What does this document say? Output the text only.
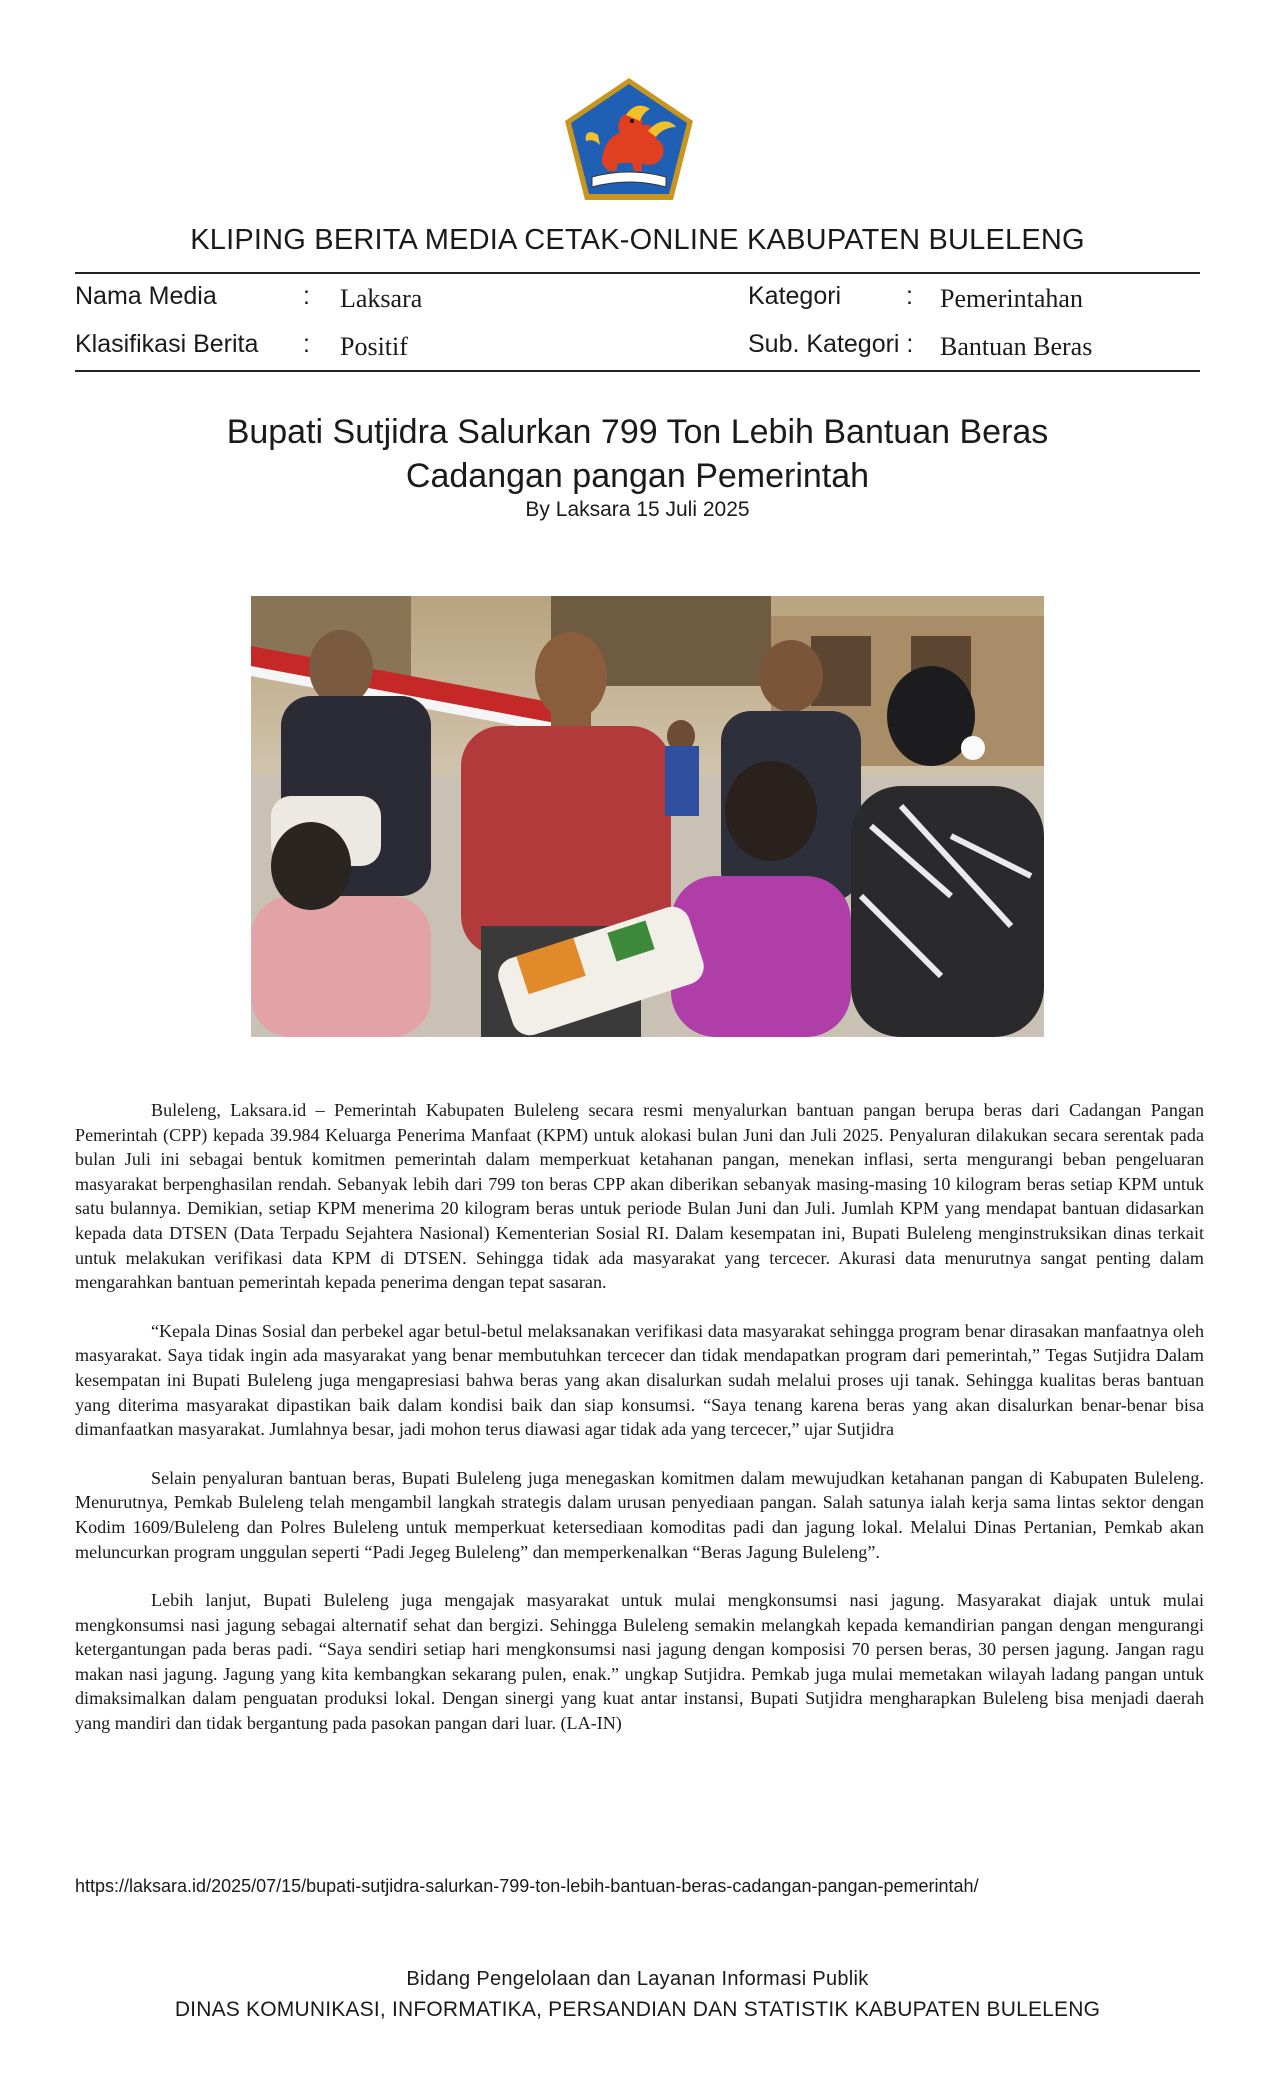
KLIPING BERITA MEDIA CETAK-ONLINE KABUPATEN BULELENG
Nama Media	: Laksara	Kategori	: Pemerintahan
Klasifikasi Berita : Positif	Sub. Kategori : Bantuan Beras
Bupati Sutjidra Salurkan 799 Ton Lebih Bantuan Beras
Cadangan pangan Pemerintah
By Laksara 15 Juli 2025

Buleleng, Laksara.id – Pemerintah Kabupaten Buleleng secara resmi menyalurkan bantuan pangan berupa beras dari Cadangan Pangan Pemerintah (CPP) kepada 39.984 Keluarga Penerima Manfaat (KPM) untuk alokasi bulan Juni dan Juli 2025. Penyaluran dilakukan secara serentak pada bulan Juli ini sebagai bentuk komitmen pemerintah dalam memperkuat ketahanan pangan, menekan inflasi, serta mengurangi beban pengeluaran masyarakat berpenghasilan rendah. Sebanyak lebih dari 799 ton beras CPP akan diberikan sebanyak masing-masing 10 kilogram beras setiap KPM untuk satu bulannya. Demikian, setiap KPM menerima 20 kilogram beras untuk periode Bulan Juni dan Juli. Jumlah KPM yang mendapat bantuan didasarkan kepada data DTSEN (Data Terpadu Sejahtera Nasional) Kementerian Sosial RI. Dalam kesempatan ini, Bupati Buleleng menginstruksikan dinas terkait untuk melakukan verifikasi data KPM di DTSEN. Sehingga tidak ada masyarakat yang tercecer. Akurasi data menurutnya sangat penting dalam mengarahkan bantuan pemerintah kepada penerima dengan tepat sasaran.

“Kepala Dinas Sosial dan perbekel agar betul-betul melaksanakan verifikasi data masyarakat sehingga program benar dirasakan manfaatnya oleh masyarakat. Saya tidak ingin ada masyarakat yang benar membutuhkan tercecer dan tidak mendapatkan program dari pemerintah,” Tegas Sutjidra Dalam kesempatan ini Bupati Buleleng juga mengapresiasi bahwa beras yang akan disalurkan sudah melalui proses uji tanak. Sehingga kualitas beras bantuan yang diterima masyarakat dipastikan baik dalam kondisi baik dan siap konsumsi. “Saya tenang karena beras yang akan disalurkan benar-benar bisa dimanfaatkan masyarakat. Jumlahnya besar, jadi mohon terus diawasi agar tidak ada yang tercecer,” ujar Sutjidra

Selain penyaluran bantuan beras, Bupati Buleleng juga menegaskan komitmen dalam mewujudkan ketahanan pangan di Kabupaten Buleleng. Menurutnya, Pemkab Buleleng telah mengambil langkah strategis dalam urusan penyediaan pangan. Salah satunya ialah kerja sama lintas sektor dengan Kodim 1609/Buleleng dan Polres Buleleng untuk memperkuat ketersediaan komoditas padi dan jagung lokal. Melalui Dinas Pertanian, Pemkab akan meluncurkan program unggulan seperti “Padi Jegeg Buleleng” dan memperkenalkan “Beras Jagung Buleleng”.

Lebih lanjut, Bupati Buleleng juga mengajak masyarakat untuk mulai mengkonsumsi nasi jagung. Masyarakat diajak untuk mulai mengkonsumsi nasi jagung sebagai alternatif sehat dan bergizi. Sehingga Buleleng semakin melangkah kepada kemandirian pangan dengan mengurangi ketergantungan pada beras padi. “Saya sendiri setiap hari mengkonsumsi nasi jagung dengan komposisi 70 persen beras, 30 persen jagung. Jangan ragu makan nasi jagung. Jagung yang kita kembangkan sekarang pulen, enak.” ungkap Sutjidra. Pemkab juga mulai memetakan wilayah ladang pangan untuk dimaksimalkan dalam penguatan produksi lokal. Dengan sinergi yang kuat antar instansi, Bupati Sutjidra mengharapkan Buleleng bisa menjadi daerah yang mandiri dan tidak bergantung pada pasokan pangan dari luar. (LA-IN)

https://laksara.id/2025/07/15/bupati-sutjidra-salurkan-799-ton-lebih-bantuan-beras-cadangan-pangan-pemerintah/
Bidang Pengelolaan dan Layanan Informasi Publik
DINAS KOMUNIKASI, INFORMATIKA, PERSANDIAN DAN STATISTIK KABUPATEN BULELENG
